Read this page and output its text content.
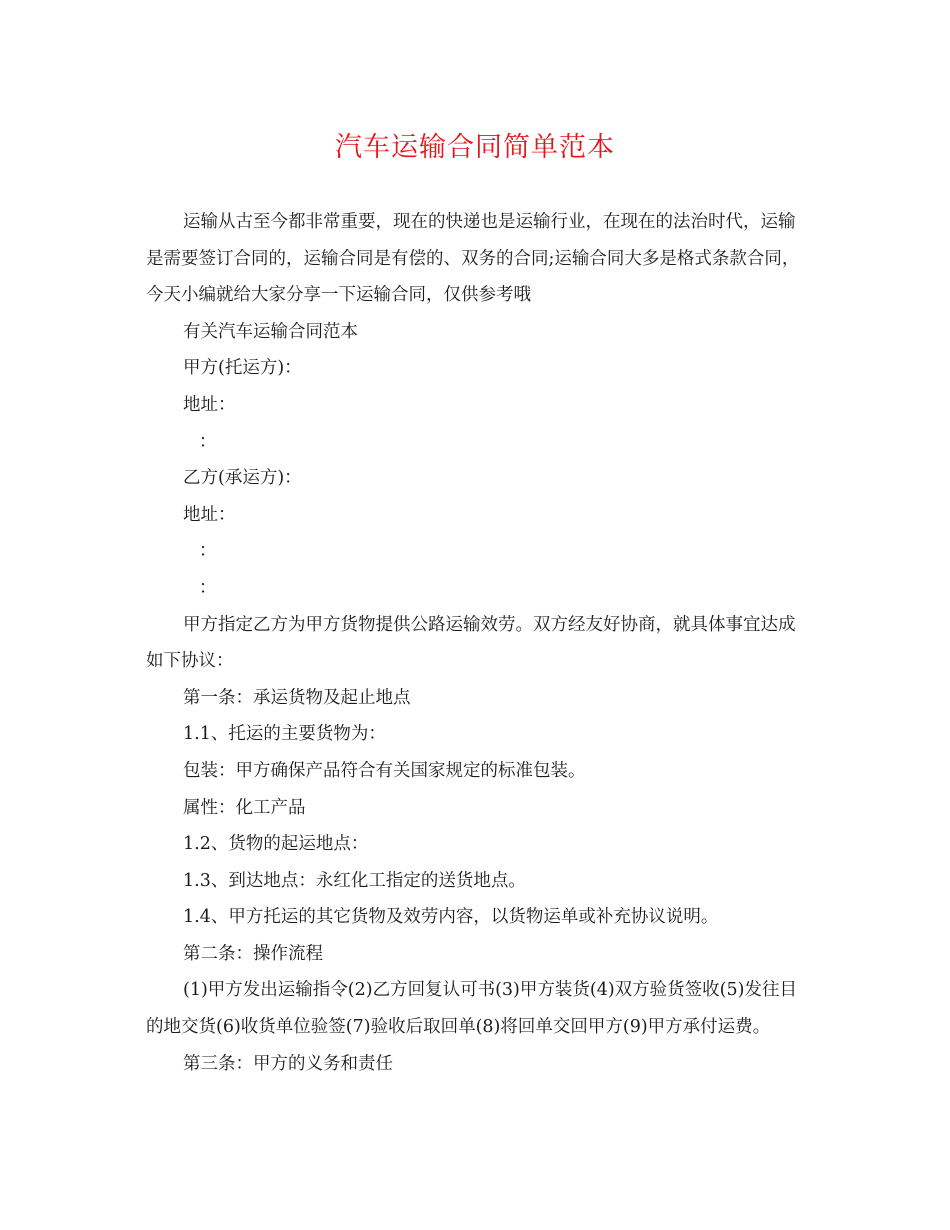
汽车运输合同简单范本

运输从古至今都非常重要，现在的快递也是运输行业，在现在的法治时代，运输是需要签订合同的，运输合同是有偿的、双务的合同;运输合同大多是格式条款合同，今天小编就给大家分享一下运输合同，仅供参考哦

有关汽车运输合同范本

甲方(托运方)：

地址：

：

乙方(承运方)：

地址：

：

：

甲方指定乙方为甲方货物提供公路运输效劳。双方经友好协商，就具体事宜达成如下协议：

第一条：承运货物及起止地点

1.1、托运的主要货物为：

包装：甲方确保产品符合有关国家规定的标准包装。

属性：化工产品

1.2、货物的起运地点：

1.3、到达地点：永红化工指定的送货地点。

1.4、甲方托运的其它货物及效劳内容，以货物运单或补充协议说明。

第二条：操作流程

(1)甲方发出运输指令(2)乙方回复认可书(3)甲方装货(4)双方验货签收(5)发往目的地交货(6)收货单位验签(7)验收后取回单(8)将回单交回甲方(9)甲方承付运费。

第三条：甲方的义务和责任
